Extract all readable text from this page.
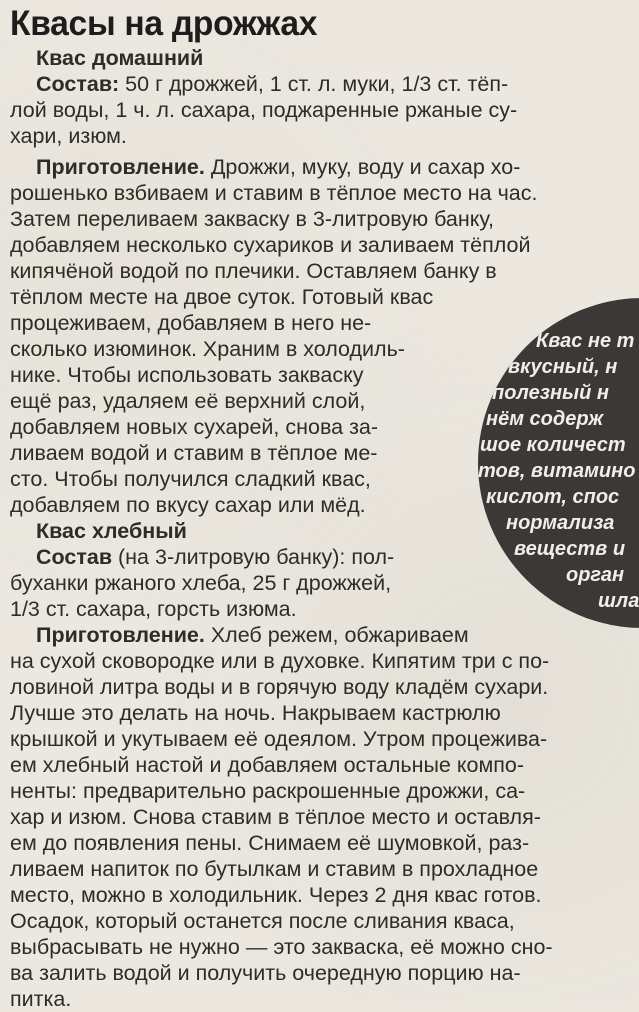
Квасы на дрожжах
Квас домашний
Состав: 50 г дрожжей, 1 ст. л. муки, 1/3 ст. тёп-
лой воды, 1 ч. л. сахара, поджаренные ржаные су-
хари, изюм.
Приготовление. Дрожжи, муку, воду и сахар хо-
рошенько взбиваем и ставим в тёплое место на час.
Затем переливаем закваску в 3-литровую банку,
добавляем несколько сухариков и заливаем тёплой
кипячёной водой по плечики. Оставляем банку в
тёплом месте на двое суток. Готовый квас
процеживаем, добавляем в него не-
сколько изюминок. Храним в холодиль-
нике. Чтобы использовать закваску
ещё раз, удаляем её верхний слой,
добавляем новых сухарей, снова за-
ливаем водой и ставим в тёплое ме-
сто. Чтобы получился сладкий квас,
добавляем по вкусу сахар или мёд.
Квас хлебный
Состав (на 3-литровую банку): пол-
буханки ржаного хлеба, 25 г дрожжей,
1/3 ст. сахара, горсть изюма.
Приготовление. Хлеб режем, обжариваем
на сухой сковородке или в духовке. Кипятим три с по-
ловиной литра воды и в горячую воду кладём сухари.
Лучше это делать на ночь. Накрываем кастрюлю
крышкой и укутываем её одеялом. Утром процежива-
ем хлебный настой и добавляем остальные компо-
ненты: предварительно раскрошенные дрожжи, са-
хар и изюм. Снова ставим в тёплое место и оставля-
ем до появления пены. Снимаем её шумовкой, раз-
ливаем напиток по бутылкам и ставим в прохладное
место, можно в холодильник. Через 2 дня квас готов.
Осадок, который останется после сливания кваса,
выбрасывать не нужно — это закваска, её можно сно-
ва залить водой и получить очередную порцию на-
питка.
Квас не т
вкусный, н
полезный н
нём содерж
шое количест
тов, витамино
кислот, спос
нормализа
веществ и
орган
шла
